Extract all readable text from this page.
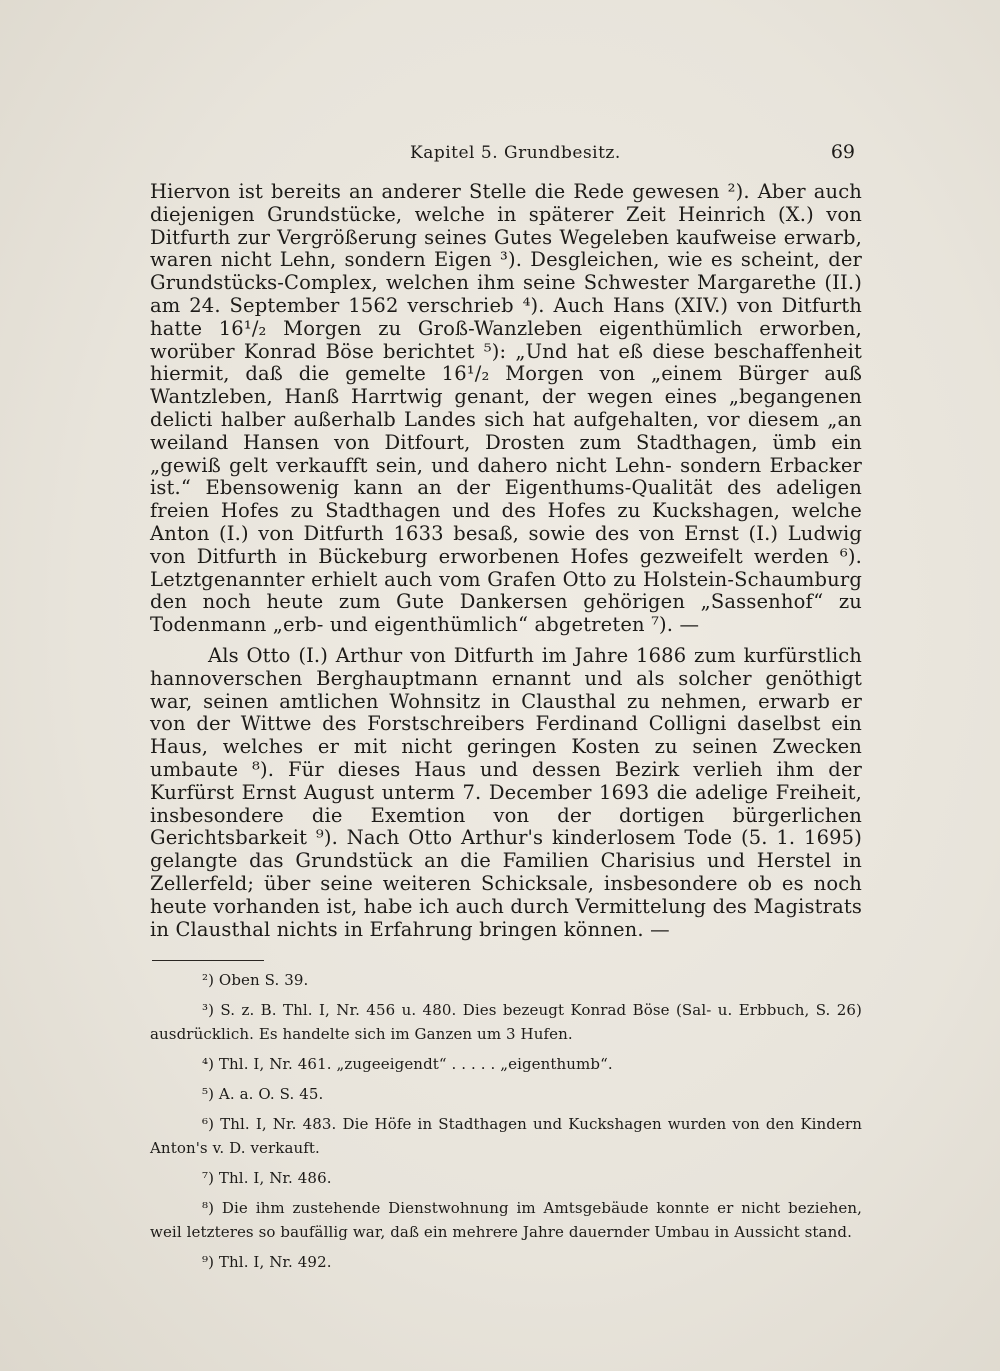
Kapitel 5. Grundbesitz.	69

Hiervon ist bereits an anderer Stelle die Rede gewesen ²). Aber auch diejenigen Grundstücke, welche in späterer Zeit Heinrich (X.) von Ditfurth zur Vergrößerung seines Gutes Wegeleben kaufweise erwarb, waren nicht Lehn, sondern Eigen ³). Desgleichen, wie es scheint, der Grundstücks-Complex, welchen ihm seine Schwester Margarethe (II.) am 24. September 1562 verschrieb ⁴). Auch Hans (XIV.) von Ditfurth hatte 16¹/₂ Morgen zu Groß-Wanzleben eigenthümlich erworben, worüber Konrad Böse berichtet ⁵): „Und hat eß diese beschaffenheit hiermit, daß die gemelte 16¹/₂ Morgen von „einem Bürger auß Wantzleben, Hanß Harrtwig genant, der wegen eines „begangenen delicti halber außerhalb Landes sich hat aufgehalten, vor diesem „an weiland Hansen von Ditfourt, Drosten zum Stadthagen, ümb ein „gewiß gelt verkaufft sein, und dahero nicht Lehn- sondern Erbacker ist.“ Ebensowenig kann an der Eigenthums-Qualität des adeligen freien Hofes zu Stadthagen und des Hofes zu Kuckshagen, welche Anton (I.) von Ditfurth 1633 besaß, sowie des von Ernst (I.) Ludwig von Ditfurth in Bückeburg erworbenen Hofes gezweifelt werden ⁶). Letztgenannter erhielt auch vom Grafen Otto zu Holstein-Schaumburg den noch heute zum Gute Dankersen gehörigen „Sassenhof“ zu Todenmann „erb- und eigenthümlich“ abgetreten ⁷). —

Als Otto (I.) Arthur von Ditfurth im Jahre 1686 zum kurfürstlich hannoverschen Berghauptmann ernannt und als solcher genöthigt war, seinen amtlichen Wohnsitz in Clausthal zu nehmen, erwarb er von der Wittwe des Forstschreibers Ferdinand Colligni daselbst ein Haus, welches er mit nicht geringen Kosten zu seinen Zwecken umbaute ⁸). Für dieses Haus und dessen Bezirk verlieh ihm der Kurfürst Ernst August unterm 7. December 1693 die adelige Freiheit, insbesondere die Exemtion von der dortigen bürgerlichen Gerichtsbarkeit ⁹). Nach Otto Arthur's kinderlosem Tode (5. 1. 1695) gelangte das Grundstück an die Familien Charisius und Herstel in Zellerfeld; über seine weiteren Schicksale, insbesondere ob es noch heute vorhanden ist, habe ich auch durch Vermittelung des Magistrats in Clausthal nichts in Erfahrung bringen können. —

²) Oben S. 39.

³) S. z. B. Thl. I, Nr. 456 u. 480. Dies bezeugt Konrad Böse (Sal- u. Erbbuch, S. 26) ausdrücklich. Es handelte sich im Ganzen um 3 Hufen.

⁴) Thl. I, Nr. 461. „zugeeigendt“ . . . . . „eigenthumb“.

⁵) A. a. O. S. 45.

⁶) Thl. I, Nr. 483. Die Höfe in Stadthagen und Kuckshagen wurden von den Kindern Anton's v. D. verkauft.

⁷) Thl. I, Nr. 486.

⁸) Die ihm zustehende Dienstwohnung im Amtsgebäude konnte er nicht beziehen, weil letzteres so baufällig war, daß ein mehrere Jahre dauernder Umbau in Aussicht stand.

⁹) Thl. I, Nr. 492.
